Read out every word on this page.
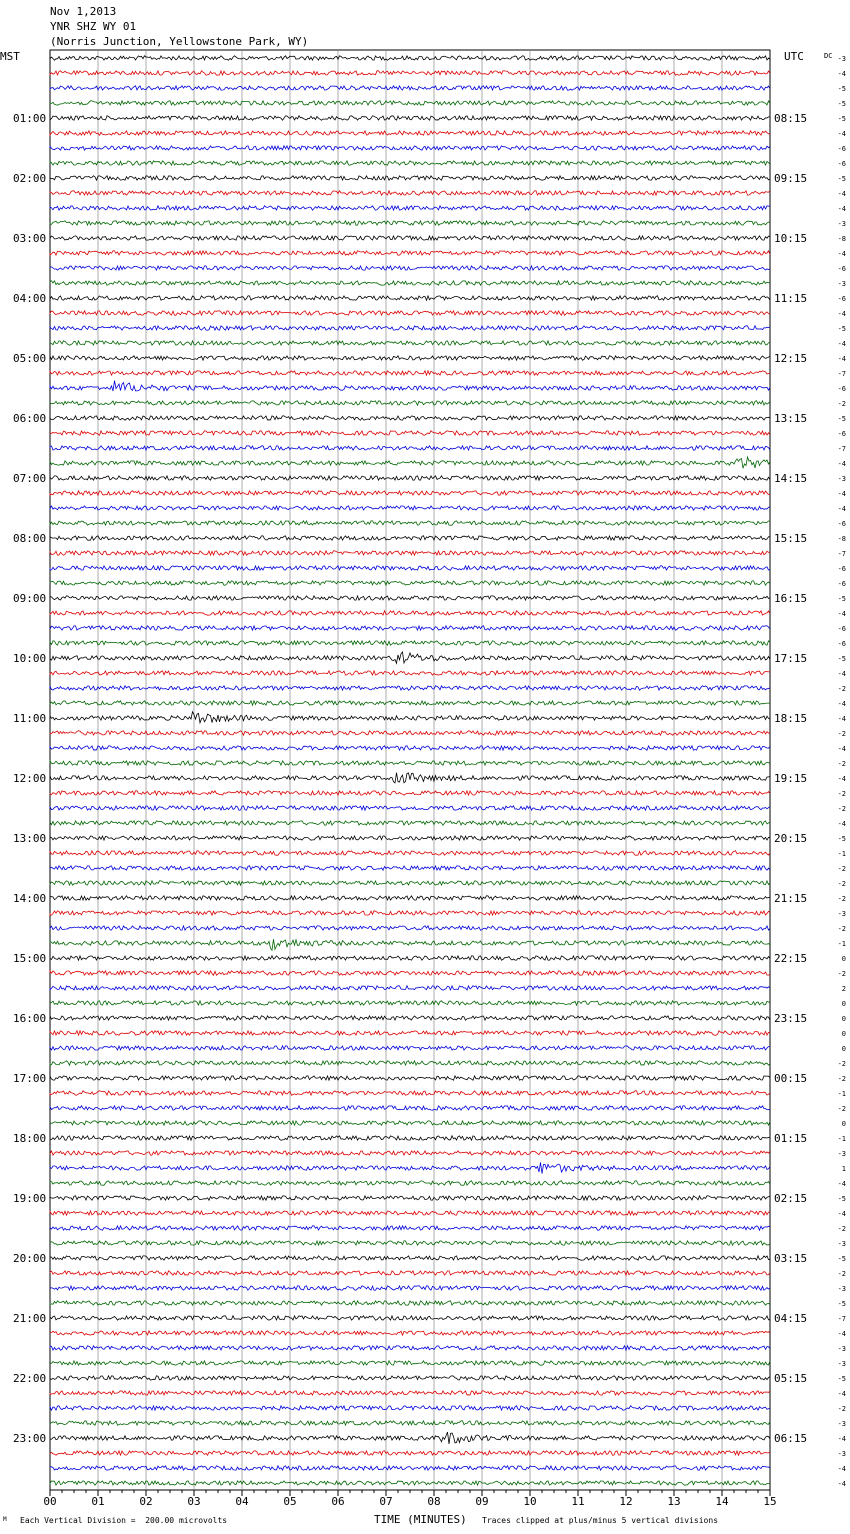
Nov 1,2013
YNR SHZ WY 01
(Norris Junction, Yellowstone Park, WY)
MST	UTC	DC
01:00
02:00
03:00
04:00
05:00
06:00
07:00
08:00
09:00
10:00
11:00
12:00
13:00
14:00
15:00
16:00
17:00
18:00
19:00
20:00
21:00
22:00
23:00
08:15
09:15
10:15
11:15
12:15
13:15
14:15
15:15
16:15
17:15
18:15
19:15
20:15
21:15
22:15
23:15
00:15
01:15
02:15
03:15
04:15
05:15
06:15
-3
-4
-5
-5
-5
-4
-6
-6
-5
-4
-4
-3
-8
-4
-6
-3
-6
-4
-5
-4
-4
-7
-6
-2
-5
-6
-7
-4
-3
-4
-4
-6
-8
-7
-6
-6
-5
-4
-6
-6
-5
-4
-2
-4
-4
-2
-4
-2
-4
-2
-2
-4
-5
-1
-2
-2
-2
-3
-2
-1
0
-2
2
0
0
0
0
-2
-2
-1
-2
0
-1
-3
1
-4
-5
-4
-2
-3
-5
-2
-3
-5
-7
-4
-3
-3
-5
-4
-2
-3
-4
-3
-4
-4
00	01	02	03	04	05	06	07	08	09	10	11	12	13	14	15
M Each Vertical Division =  200.00 microvolts	TIME (MINUTES) Traces clipped at plus/minus 5 vertical divisions
